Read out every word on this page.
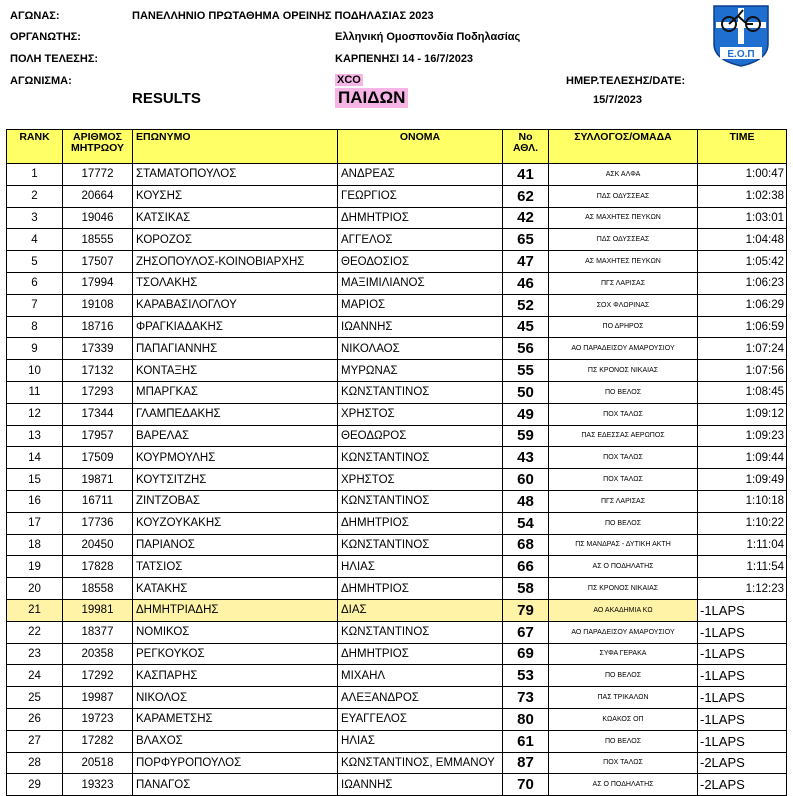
ΑΓΩΝΑΣ:	ΠΑΝΕΛΛΗΝΙΟ ΠΡΩΤΑΘΗΜΑ ΟΡΕΙΝΗΣ ΠΟΔΗΛΑΣΙΑΣ 2023
ΟΡΓΑΝΩΤΗΣ:	Ελληνική Ομοσπονδία Ποδηλασίας
ΠΟΛΗ ΤΕΛΕΣΗΣ:	ΚΑΡΠΕΝΗΣΙ 14 - 16/7/2023
ΑΓΩΝΙΣΜΑ:	XCO
ΠΑΙΔΩΝ
RESULTS
ΗΜΕΡ.ΤΕΛΕΣΗΣ/DATE:
15/7/2023
Ε.Ο.Π
RANK	ΑΡΙΘΜΟΣ
ΜΗΤΡΩΟΥ	ΕΠΩΝΥΜΟ	ΟΝΟΜΑ	No
ΑΘΛ.	ΣΥΛΛΟΓΟΣ/ΟΜΑΔΑ	TIME
1	17772	ΣΤΑΜΑΤΟΠΟΥΛΟΣ	ΑΝΔΡΕΑΣ	41	ΑΣΚ ΑΛΦΑ	1:00:47
2	20664	ΚΟΥΣΗΣ	ΓΕΩΡΓΙΟΣ	62	ΠΔΣ ΟΔΥΣΣΕΑΣ	1:02:38
3	19046	ΚΑΤΣΙΚΑΣ	ΔΗΜΗΤΡΙΟΣ	42	ΑΣ ΜΑΧΗΤΕΣ ΠΕΥΚΩΝ	1:03:01
4	18555	ΚΟΡΟΖΟΣ	ΑΓΓΕΛΟΣ	65	ΠΔΣ ΟΔΥΣΣΕΑΣ	1:04:48
5	17507	ΖΗΣΟΠΟΥΛΟΣ-ΚΟΙΝΟΒΙΑΡΧΗΣ	ΘΕΟΔΟΣΙΟΣ	47	ΑΣ ΜΑΧΗΤΕΣ ΠΕΥΚΩΝ	1:05:42
6	17994	ΤΣΟΛΑΚΗΣ	ΜΑΞΙΜΙΛΙΑΝΟΣ	46	ΠΓΣ ΛΑΡΙΣΑΣ	1:06:23
7	19108	ΚΑΡΑΒΑΣΙΛΟΓΛΟΥ	ΜΑΡΙΟΣ	52	ΣΟΧ ΦΛΩΡΙΝΑΣ	1:06:29
8	18716	ΦΡΑΓΚΙΑΔΑΚΗΣ	ΙΩΑΝΝΗΣ	45	ΠΟ ΔΡΗΡΟΣ	1:06:59
9	17339	ΠΑΠΑΓΙΑΝΝΗΣ	ΝΙΚΟΛΑΟΣ	56	ΑΟ ΠΑΡΑΔΕΙΣΟΥ ΑΜΑΡΟΥΣΙΟΥ	1:07:24
10	17132	ΚΟΝΤΑΞΗΣ	ΜΥΡΩΝΑΣ	55	ΠΣ ΚΡΟΝΟΣ ΝΙΚΑΙΑΣ	1:07:56
11	17293	ΜΠΑΡΓΚΑΣ	ΚΩΝΣΤΑΝΤΙΝΟΣ	50	ΠΟ ΒΕΛΟΣ	1:08:45
12	17344	ΓΛΑΜΠΕΔΑΚΗΣ	ΧΡΗΣΤΟΣ	49	ΠΟΧ ΤΑΛΩΣ	1:09:12
13	17957	ΒΑΡΕΛΑΣ	ΘΕΟΔΩΡΟΣ	59	ΠΑΣ ΕΔΕΣΣΑΣ ΑΕΡΩΠΟΣ	1:09:23
14	17509	ΚΟΥΡΜΟΥΛΗΣ	ΚΩΝΣΤΑΝΤΙΝΟΣ	43	ΠΟΧ ΤΑΛΩΣ	1:09:44
15	19871	ΚΟΥΤΣΙΤΖΗΣ	ΧΡΗΣΤΟΣ	60	ΠΟΧ ΤΑΛΩΣ	1:09:49
16	16711	ΖΙΝΤΖΟΒΑΣ	ΚΩΝΣΤΑΝΤΙΝΟΣ	48	ΠΓΣ ΛΑΡΙΣΑΣ	1:10:18
17	17736	ΚΟΥΖΟΥΚΑΚΗΣ	ΔΗΜΗΤΡΙΟΣ	54	ΠΟ ΒΕΛΟΣ	1:10:22
18	20450	ΠΑΡΙΑΝΟΣ	ΚΩΝΣΤΑΝΤΙΝΟΣ	68	ΠΣ ΜΑΝΔΡΑΣ - ΔΥΤΙΚΗ ΑΚΤΗ	1:11:04
19	17828	ΤΑΤΣΙΟΣ	ΗΛΙΑΣ	66	ΑΣ Ο ΠΟΔΗΛΑΤΗΣ	1:11:54
20	18558	ΚΑΤΑΚΗΣ	ΔΗΜΗΤΡΙΟΣ	58	ΠΣ ΚΡΟΝΟΣ ΝΙΚΑΙΑΣ	1:12:23
21	19981	ΔΗΜΗΤΡΙΑΔΗΣ	ΔΙΑΣ	79	ΑΟ ΑΚΑΔΗΜΙΑ ΚΩ	-1LAPS
22	18377	ΝΟΜΙΚΟΣ	ΚΩΝΣΤΑΝΤΙΝΟΣ	67	ΑΟ ΠΑΡΑΔΕΙΣΟΥ ΑΜΑΡΟΥΣΙΟΥ	-1LAPS
23	20358	ΡΕΓΚΟΥΚΟΣ	ΔΗΜΗΤΡΙΟΣ	69	ΣΥΦΑ ΓΕΡΑΚΑ	-1LAPS
24	17292	ΚΑΣΠΑΡΗΣ	ΜΙΧΑΗΛ	53	ΠΟ ΒΕΛΟΣ	-1LAPS
25	19987	ΝΙΚΟΛΟΣ	ΑΛΕΞΑΝΔΡΟΣ	73	ΠΑΣ ΤΡΙΚΑΛΩΝ	-1LAPS
26	19723	ΚΑΡΑΜΕΤΣΗΣ	ΕΥΑΓΓΕΛΟΣ	80	ΚΩΑΚΟΣ ΟΠ	-1LAPS
27	17282	ΒΛΑΧΟΣ	ΗΛΙΑΣ	61	ΠΟ ΒΕΛΟΣ	-1LAPS
28	20518	ΠΟΡΦΥΡΟΠΟΥΛΟΣ	ΚΩΝΣΤΑΝΤΙΝΟΣ, ΕΜΜΑΝΟΥ	87	ΠΟΧ ΤΑΛΩΣ	-2LAPS
29	19323	ΠΑΝΑΓΟΣ	ΙΩΑΝΝΗΣ	70	ΑΣ Ο ΠΟΔΗΛΑΤΗΣ	-2LAPS
